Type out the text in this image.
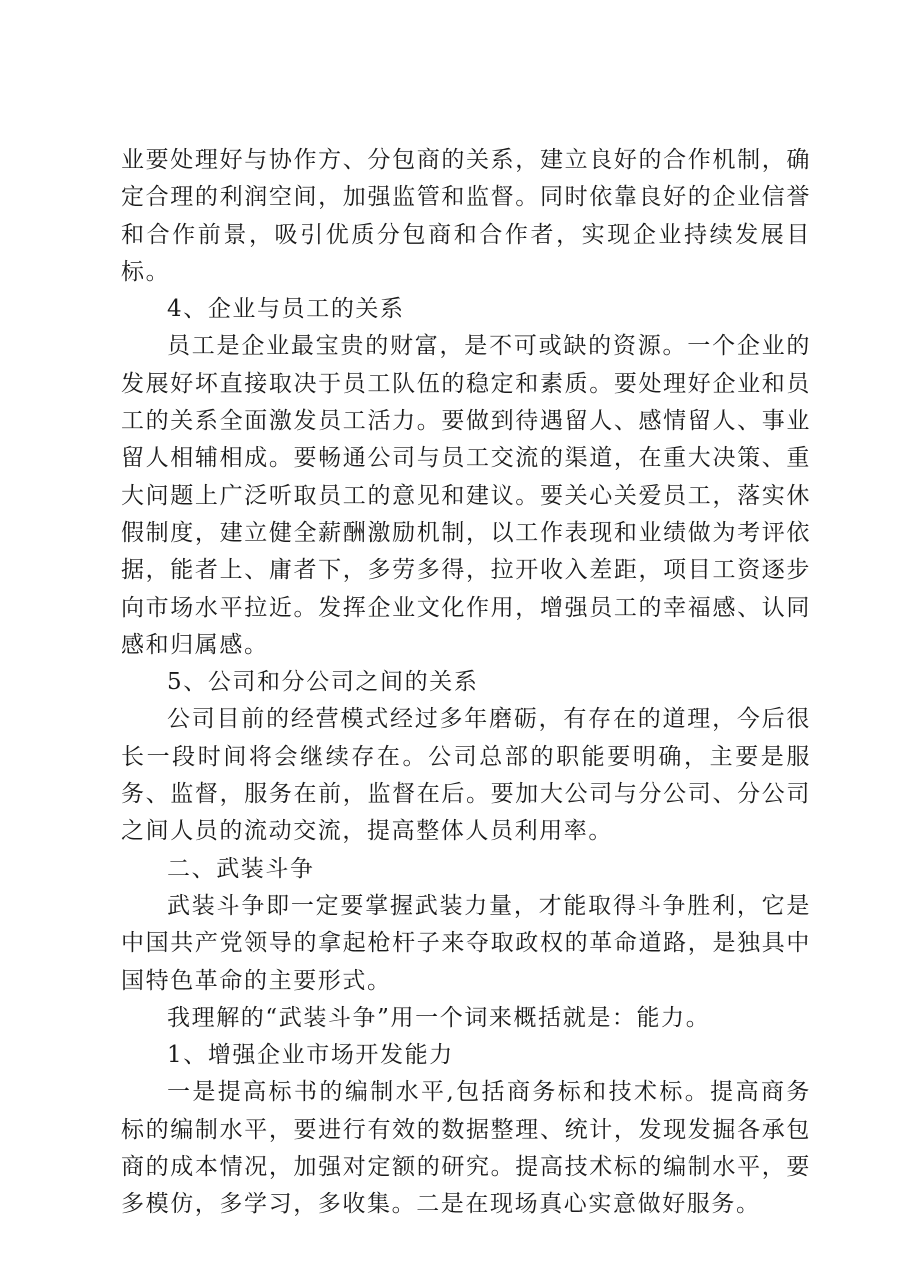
业要处理好与协作方、分包商的关系，建立良好的合作机制，确定合理的利润空间，加强监管和监督。同时依靠良好的企业信誉和合作前景，吸引优质分包商和合作者，实现企业持续发展目标。

4、企业与员工的关系

员工是企业最宝贵的财富，是不可或缺的资源。一个企业的发展好坏直接取决于员工队伍的稳定和素质。要处理好企业和员工的关系全面激发员工活力。要做到待遇留人、感情留人、事业留人相辅相成。要畅通公司与员工交流的渠道，在重大决策、重大问题上广泛听取员工的意见和建议。要关心关爱员工，落实休假制度，建立健全薪酬激励机制，以工作表现和业绩做为考评依据，能者上、庸者下，多劳多得，拉开收入差距，项目工资逐步向市场水平拉近。发挥企业文化作用，增强员工的幸福感、认同感和归属感。

5、公司和分公司之间的关系

公司目前的经营模式经过多年磨砺，有存在的道理，今后很长一段时间将会继续存在。公司总部的职能要明确，主要是服务、监督，服务在前，监督在后。要加大公司与分公司、分公司之间人员的流动交流，提高整体人员利用率。

二、武装斗争

武装斗争即一定要掌握武装力量，才能取得斗争胜利，它是中国共产党领导的拿起枪杆子来夺取政权的革命道路，是独具中国特色革命的主要形式。

我理解的“武装斗争”用一个词来概括就是：能力。

1、增强企业市场开发能力

一是提高标书的编制水平,包括商务标和技术标。提高商务标的编制水平，要进行有效的数据整理、统计，发现发掘各承包商的成本情况，加强对定额的研究。提高技术标的编制水平，要多模仿，多学习，多收集。二是在现场真心实意做好服务。
